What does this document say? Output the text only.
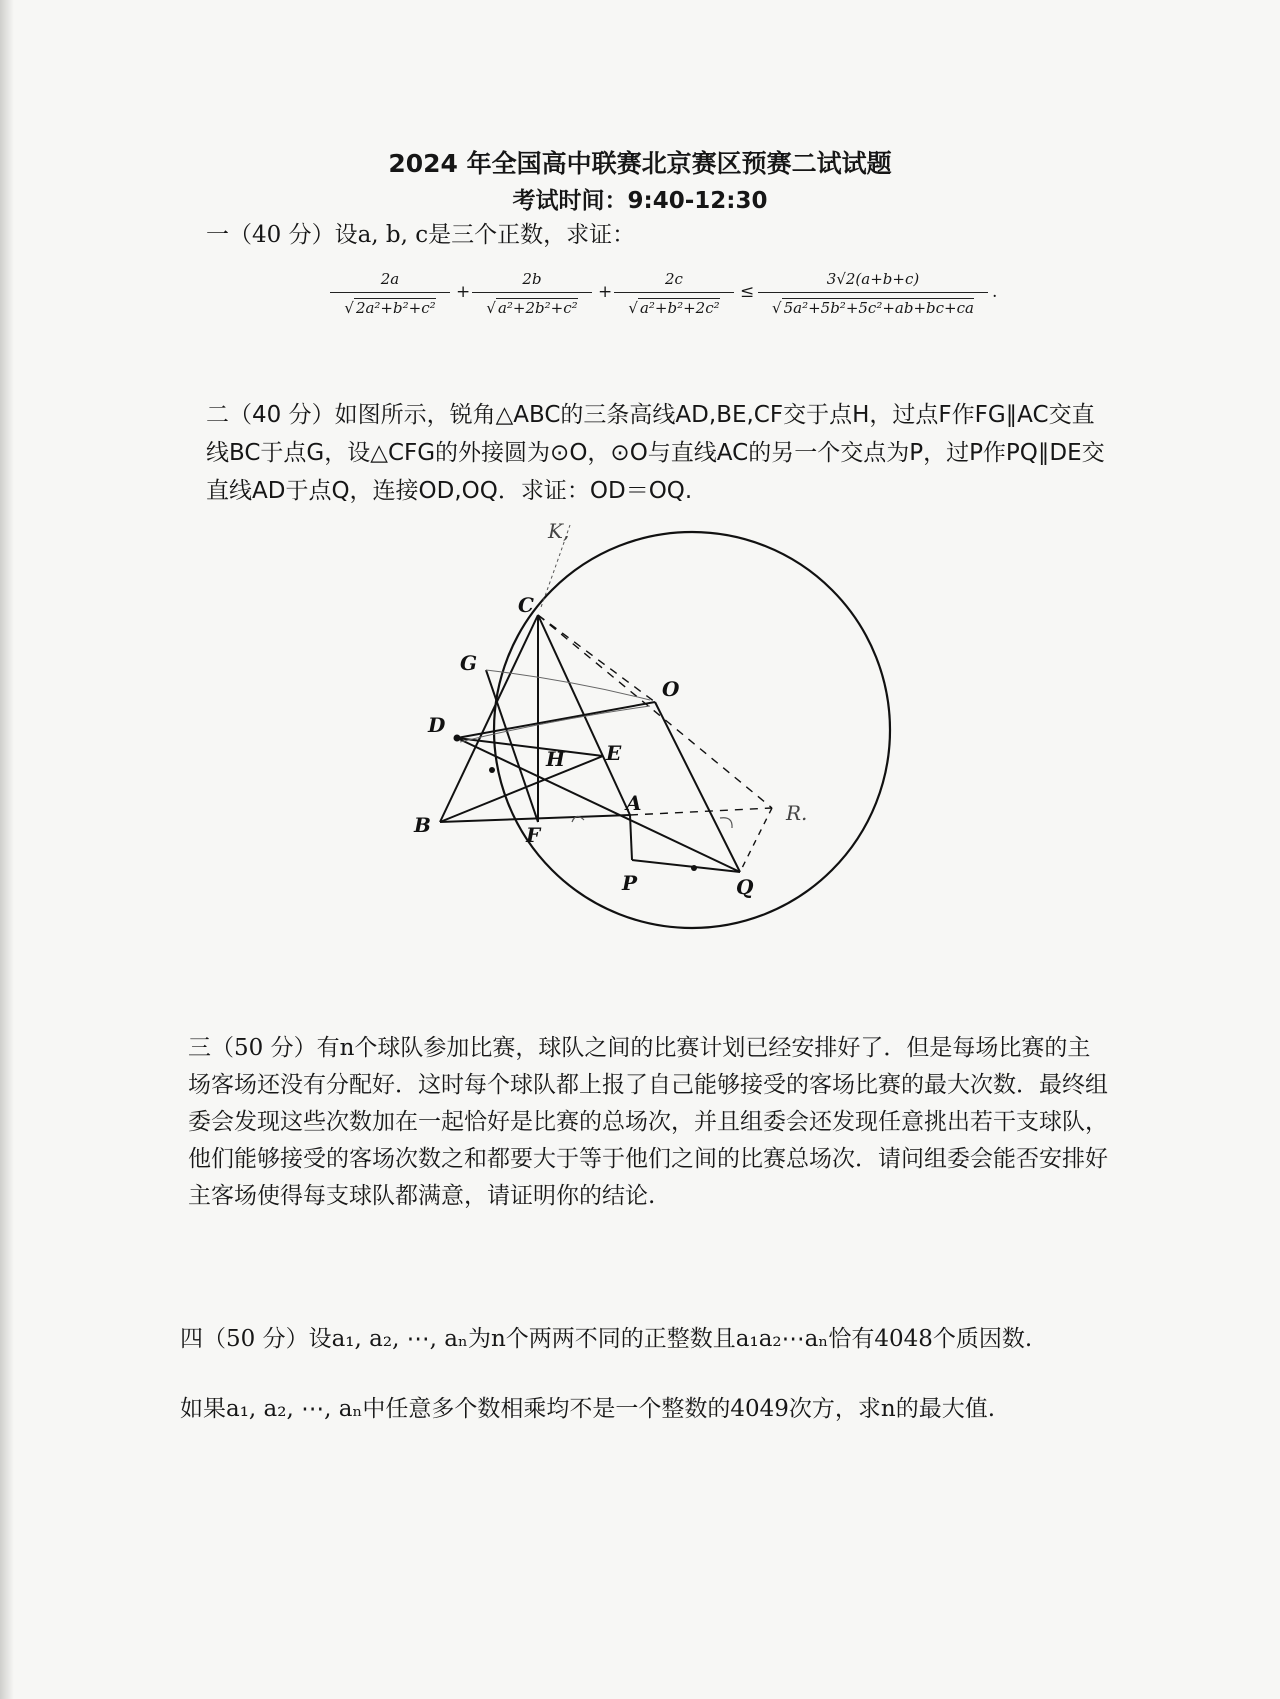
2024 年全国高中联赛北京赛区预赛二试试题
考试时间：9:40-12:30
一（40 分）设a, b, c是三个正数，求证：
2a
√ 2a²+b²+c²
+
2b
√ a²+2b²+c²
+
2c
√ a²+b²+2c²
≤
3√2(a+b+c)
√ 5a²+5b²+5c²+ab+bc+ca
.
二（40 分）如图所示，锐角△ABC的三条高线AD,BE,CF交于点H，过点F作FG∥AC交直线BC于点G，设△CFG的外接圆为⊙O，⊙O与直线AC的另一个交点为P，过P作PQ∥DE交直线AD于点Q，连接OD,OQ．求证：OD＝OQ.
C
G
O
D
E
H
A
B	F
P	Q
R.
K,
三（50 分）有n个球队参加比赛，球队之间的比赛计划已经安排好了．但是每场比赛的主场客场还没有分配好．这时每个球队都上报了自己能够接受的客场比赛的最大次数．最终组委会发现这些次数加在一起恰好是比赛的总场次，并且组委会还发现任意挑出若干支球队，他们能够接受的客场次数之和都要大于等于他们之间的比赛总场次．请问组委会能否安排好主客场使得每支球队都满意，请证明你的结论.
四（50 分）设a₁, a₂, ⋯, aₙ为n个两两不同的正整数且a₁a₂⋯aₙ恰有4048个质因数.
如果a₁, a₂, ⋯, aₙ中任意多个数相乘均不是一个整数的4049次方，求n的最大值.
